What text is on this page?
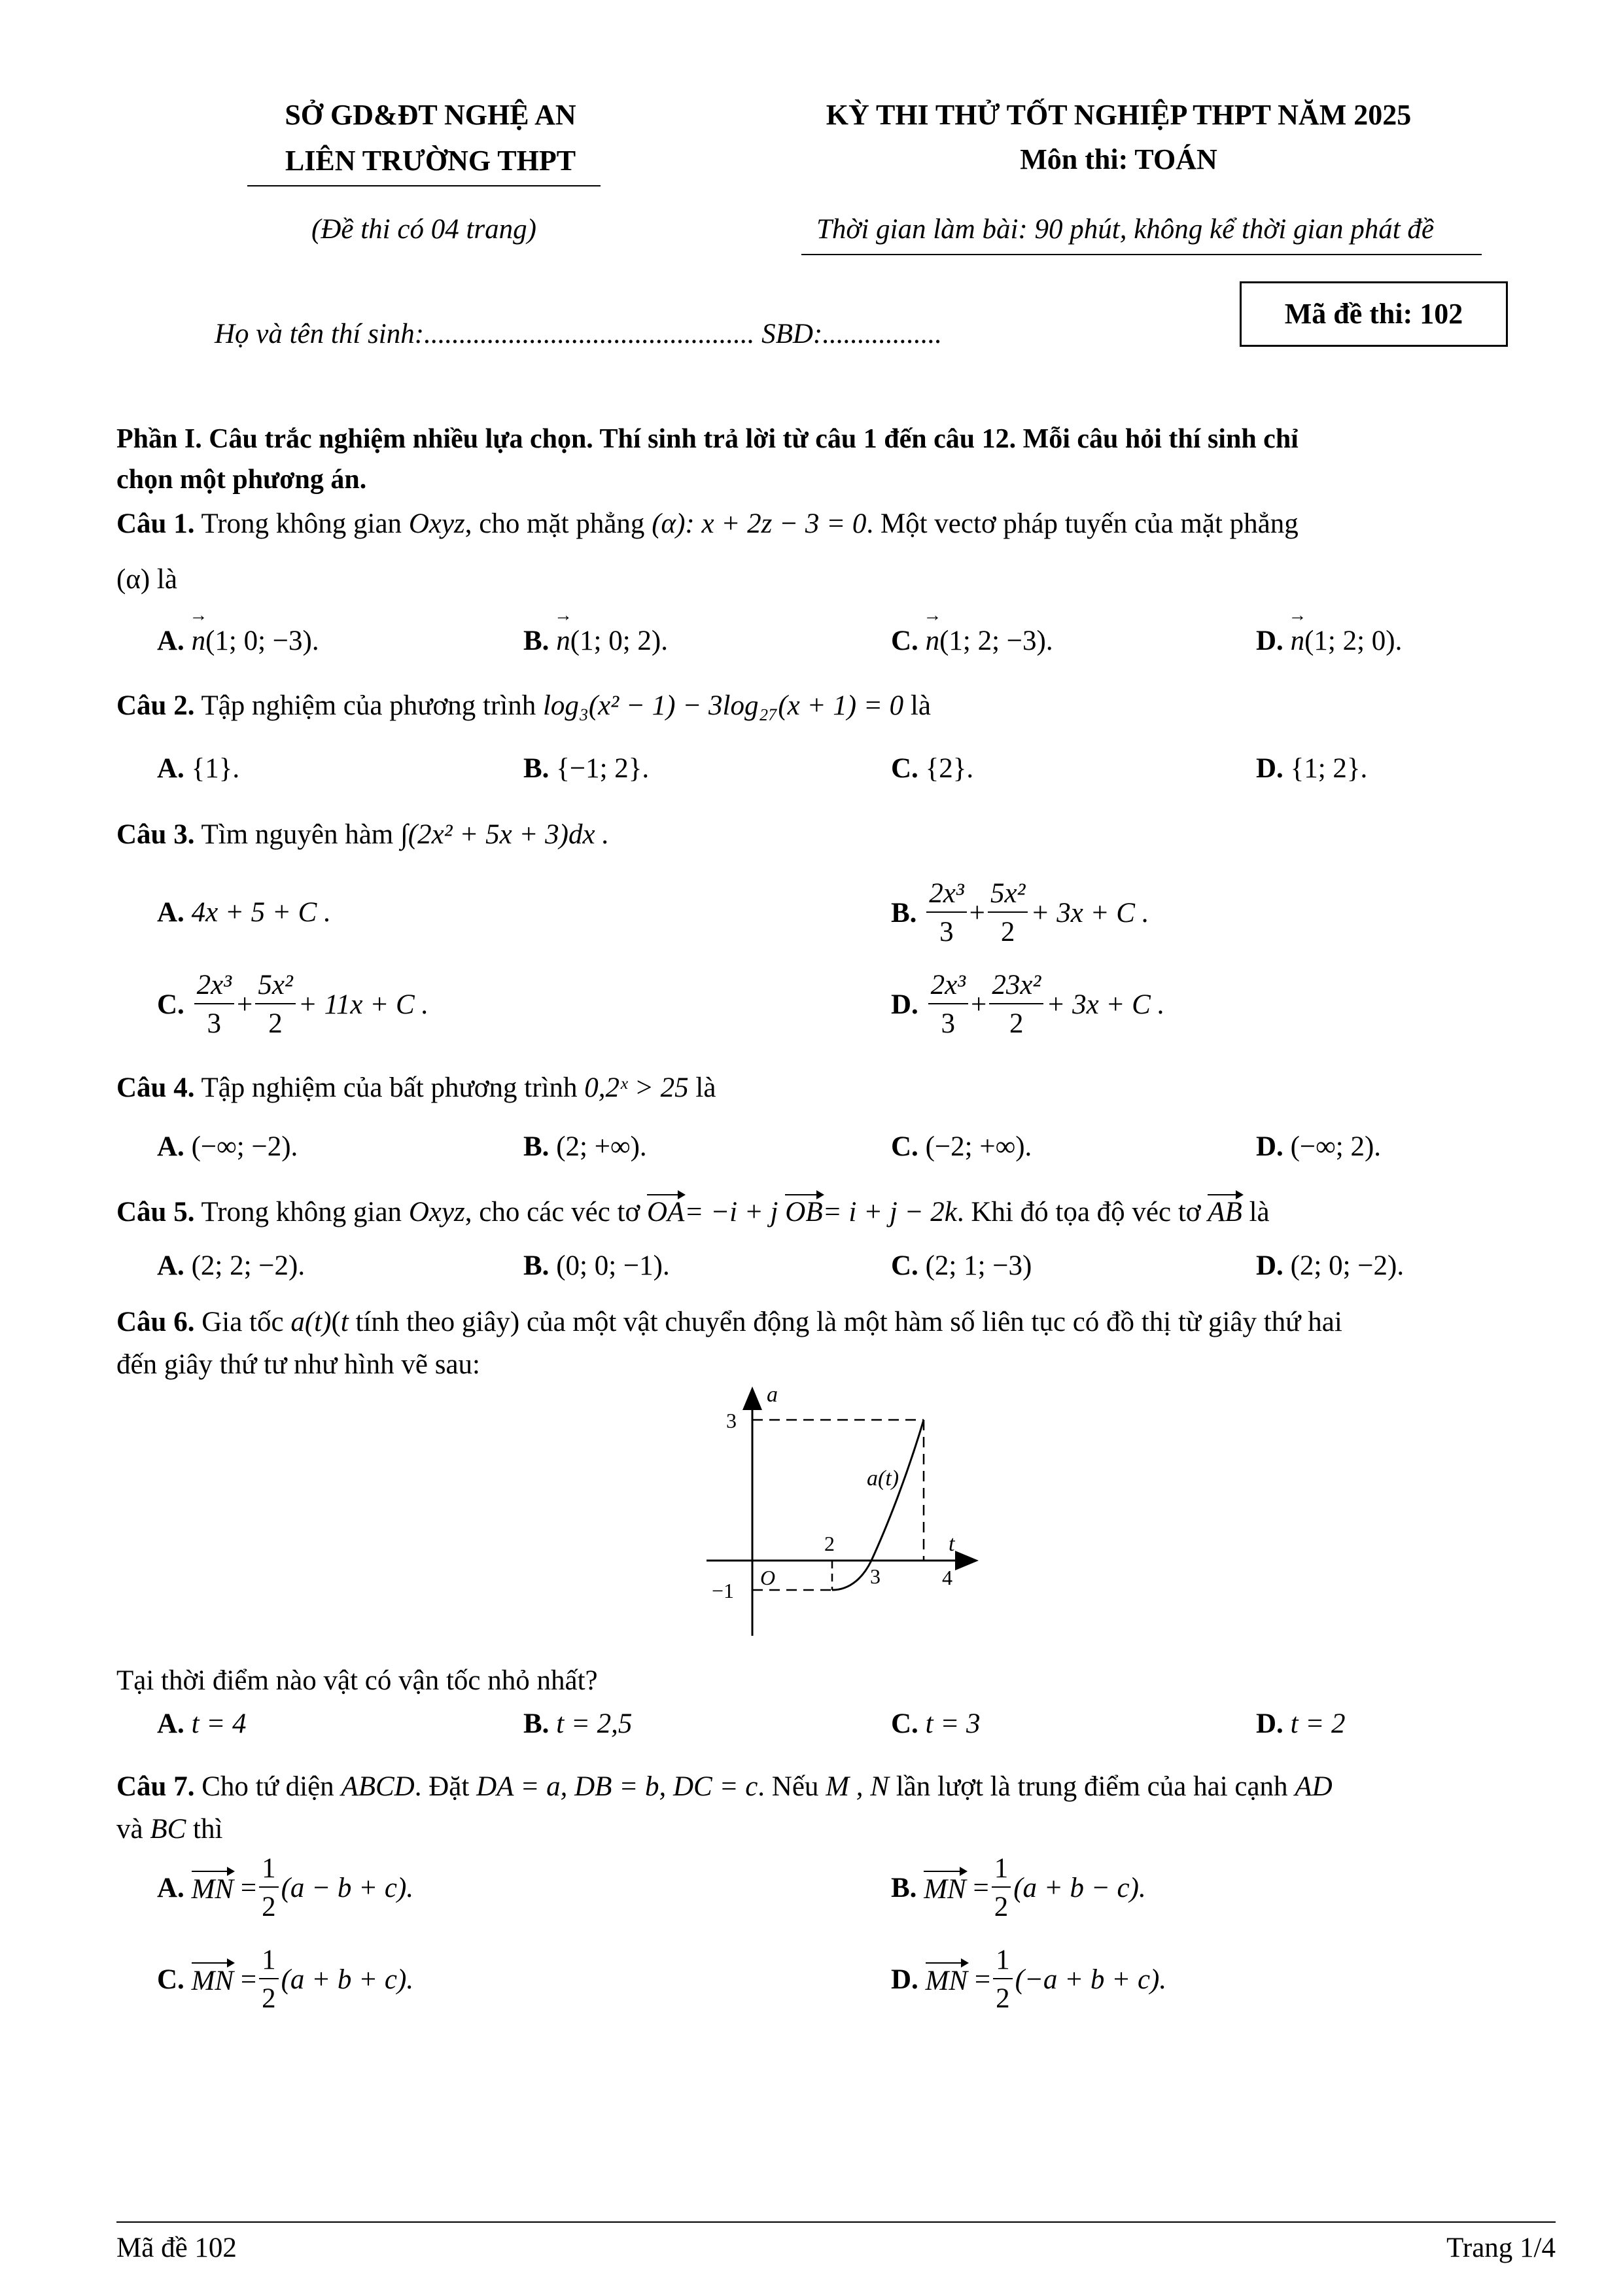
SỞ GD&ĐT NGHỆ AN
LIÊN TRƯỜNG THPT
(Đề thi có 04 trang)
KỲ THI THỬ TỐT NGHIỆP THPT NĂM 2025
Môn thi: TOÁN
Thời gian làm bài: 90 phút, không kể thời gian phát đề
Họ và tên thí sinh:............................................... SBD:.................
Mã đề thi: 102
Phần I. Câu trắc nghiệm nhiều lựa chọn. Thí sinh trả lời từ câu 1 đến câu 12. Mỗi câu hỏi thí sinh chỉ
chọn một phương án.
Câu 1. Trong không gian Oxyz, cho mặt phẳng (α): x + 2z − 3 = 0. Một vectơ pháp tuyến của mặt phẳng
(α) là
A. → n(1; 0; −3).	B. → n(1; 0; 2).	C. → n(1; 2; −3).	D. → n(1; 2; 0).
Câu 2. Tập nghiệm của phương trình log₃(x² − 1) − 3log₂₇(x + 1) = 0 là
A. {1}.	B. {−1; 2}.	C. {2}.	D. {1; 2}.
Câu 3. Tìm nguyên hàm ∫(2x² + 5x + 3)dx .
A. 4x + 5 + C .	B.
$\frac{\text{2x³}}{3} + \frac{\text{5x²}}{2} + 3x + C$ .
C.
$\frac{\text{2x³}}{3} + \frac{\text{5x²}}{2} + 11x + C$ .	D.
$\frac{\text{2x³}}{3} + \frac{\text{23x²}}{2} + 3x + C$ .
Câu 4. Tập nghiệm của bất phương trình 0,2ˣ > 25 là
A. (−∞; −2).	B. (2; +∞).	C. (−2; +∞).	D. (−∞; 2).
Câu 5. Trong không gian Oxyz, cho các véc tơ OA= −i + j OB= i + j − 2k. Khi đó tọa độ véc tơ AB là
A. (2; 2; −2).	B. (0; 0; −1).	C. (2; 1; −3)	D. (2; 0; −2).
Câu 6. Gia tốc a(t)(t tính theo giây) của một vật chuyển động là một hàm số liên tục có đồ thị từ giây thứ hai
đến giây thứ tư như hình vẽ sau:
a
t
O
a(t)
3
−1
2
3	4
Tại thời điểm nào vật có vận tốc nhỏ nhất?
A. t = 4	B. t = 2,5	C. t = 3	D. t = 2
Câu 7. Cho tứ diện ABCD. Đặt DA = a, DB = b, DC = c. Nếu M , N lần lượt là trung điểm của hai cạnh AD
và BC thì
A.
MN
= $\frac{1}{2} (a - b + c)$.	B.
MN
= $\frac{1}{2} (a + b - c)$.
C.
MN
= $\frac{1}{2} (a + b + c)$.	D.
MN
= $\frac{1}{2} (-a + b + c)$.
Mã đề 102	Trang 1/4
